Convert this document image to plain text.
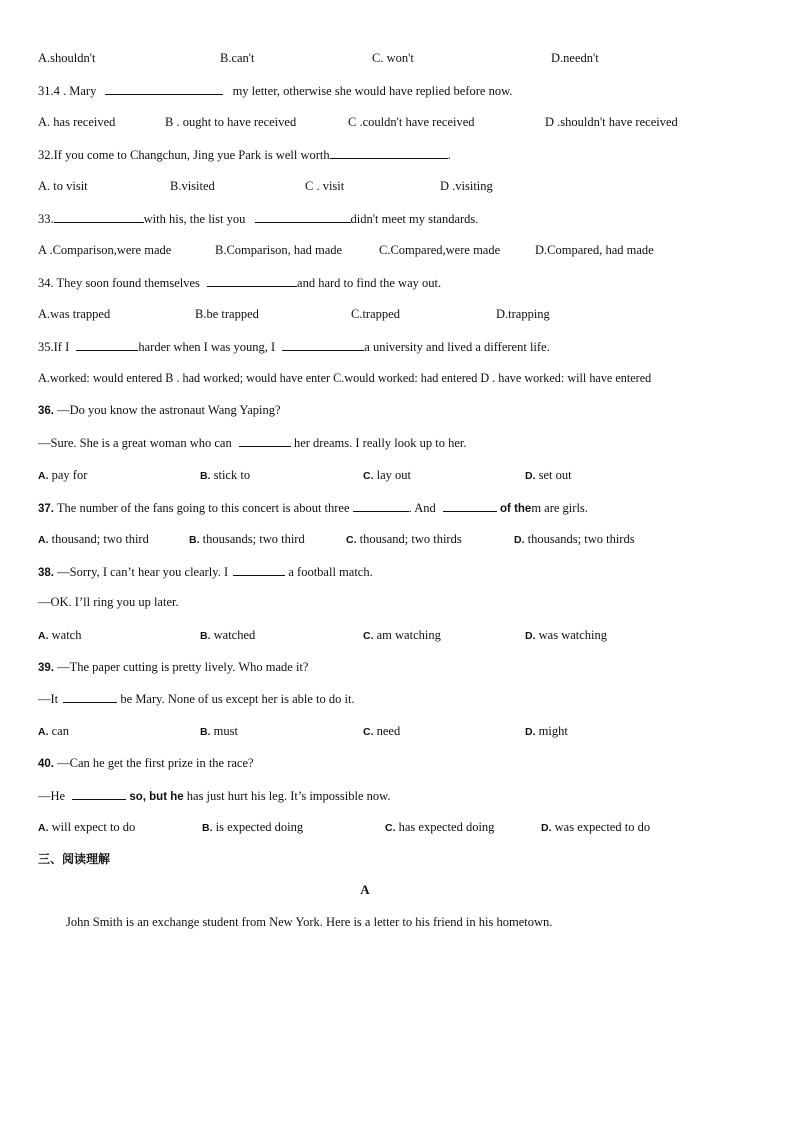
A.shouldn't	B.can't	C. won't	D.needn't
31.4 . Mary	my letter, otherwise she would have replied before now.
A. has received	B . ought to have received	C .couldn't have received	D .shouldn't have received
32.If you come to Changchun, Jing yue Park is well worth	.
A. to visit	B.visited	C . visit	D .visiting
33.	with his, the list you	didn't meet my standards.
A .Comparison,were made	B.Comparison, had made	C.Compared,were made	D.Compared, had made
34. They soon found themselves	and hard to find the way out.
A.was trapped	B.be trapped	C.trapped	D.trapping
35.If I	harder when I was young, I	a university and lived a different life.
A.worked: would entered B . had worked; would have enter C.would worked: had entered D . have worked: will have entered
36. —Do you know the astronaut Wang Yaping?
—Sure. She is a great woman who can	her dreams. I really look up to her.
A. pay for	B. stick to	C. lay out	D. set out
37. The number of the fans going to this concert is about three	. And	of them are girls.
A. thousand; two third	B. thousands; two third	C. thousand; two thirds	D. thousands; two thirds
38. —Sorry, I can’t hear you clearly. I	a football match.
—OK. I’ll ring you up later.
A. watch	B. watched	C. am watching	D. was watching
39. —The paper cutting is pretty lively. Who made it?
—It	be Mary. None of us except her is able to do it.
A. can	B. must	C. need	D. might
40. —Can he get the first prize in the race?
—He	so, but he has just hurt his leg. It’s impossible now.
A. will expect to do	B. is expected doing	C. has expected doing	D. was expected to do
三、阅读理解
A
John Smith is an exchange student from New York. Here is a letter to his friend in his hometown.
